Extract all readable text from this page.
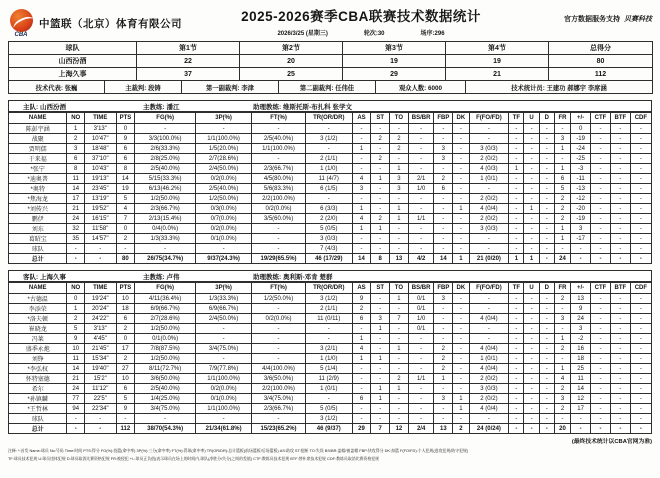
CBA
中篮联（北京）体育有限公司	2025-2026赛季CBA联赛技术数据统计
2026/3/25 (星期三)	轮次:30	场序:296
官方数据服务支持 贝赛科技
球队	第1节	第2节	第3节	第4节	总得分
山西汾酒	22	20	19	19	80
上海久事	37	25	29	21	112
技术代表: 张巍	主裁判: 段铸	第一副裁判: 李津	第二副裁判: 任伟佳	观众人数: 6000	技术统计员: 王建功 郝娜宇 李席涵
主队: 山西汾酒	主教练: 潘江	助理教练: 维斯托斯-布扎科 张学文
NAME	NO	TIME	PTS	FG(%)	3P(%)	FT(%)	TR(OR/DR)	AS	ST	TO	BS/BR	FBP	DK	F(FO/FD)	TF	U	D	FR	+/-	CTF	BTF	CDF
陈彭宇涵	1	3'13"	0	-	-	-	-	-	-	-	-	-	-	-	-	-	-	-	0	-	-	-
战聚	2	10'47"	9	3/3(100.0%)	1/1(100.0%)	2/5(40.0%)	3 (1/2)	-	2	2	-	-	-	-	-	-	-	3	-19	-	-	-
贾明儒	3	18'48"	6	2/6(33.3%)	1/5(20.0%)	1/1(100.0%)	-	1	-	2	-	3	-	3 (0/3)	-	-	-	1	-24	-	-	-
于来福	6	37'10"	6	2/8(25.0%)	2/7(28.6%)	-	2 (1/1)	-	2	-	-	3	-	2 (0/2)	-	-	-	-	-25	-	-	-
*张宁	8	10'43"	8	2/5(40.0%)	2/4(50.0%)	2/3(66.7%)	1 (1/0)	-	-	1	-	-	-	4 (0/3)	1	-	-	1	-3	-	-	-
*迪奥普	11	19'13"	14	5/15(33.3%)	0/2(0.0%)	4/5(80.0%)	11 (4/7)	4	1	3	2/1	2	-	1 (0/1)	-	-	-	6	-11	-	-	-
*奥特	14	23'45"	19	6/13(46.2%)	2/5(40.0%)	5/6(83.3%)	6 (1/5)	3	-	3	1/0	6	-	-	-	-	-	5	-13	-	-	-
*焦海龙	17	13'19"	5	1/2(50.0%)	1/2(50.0%)	2/2(100.0%)	-	-	-	-	-	-	-	2 (0/2)	-	-	-	2	-12	-	-	-
*刘传兴	21	19'52"	4	2/3(66.7%)	0/3(0.0%)	0/2(0.0%)	6 (3/3)	1	-	1	-	-	1	4 (0/4)	-	1	-	2	-20	-	-	-
鹏伊	24	16'15"	7	2/13(15.4%)	0/7(0.0%)	3/5(60.0%)	2 (2/0)	4	2	1	1/1	-	-	2 (0/2)	-	-	-	2	-19	-	-	-
刘东	32	11'58"	0	0/4(0.0%)	0/2(0.0%)	-	5 (0/5)	1	1	-	-	-	-	3 (0/3)	-	-	-	1	3	-	-	-
葛昭宝	35	14'57"	2	1/3(33.3%)	0/1(0.0%)	-	3 (0/3)	-	-	-	-	-	-	-	-	-	-	1	-17	-	-	-
球队	-	-	-	-	-	-	7 (4/3)	-	-	-	-	-	-	-	-	-	-	-	-	-	-	-
总计	-	-	80	26/75(34.7%)	9/37(24.3%)	19/29(65.5%)	46 (17/29)	14	8	13	4/2	14	1	21 (0/20)	1	1	-	24	-	-	-	-
客队: 上海久事	主教练: 卢伟	助理教练: 奥利斯-邓肯 楚群
NAME	NO	TIME	PTS	FG(%)	3P(%)	FT(%)	TR(OR/DR)	AS	ST	TO	BS/BR	FBP	DK	F(FO/FD)	TF	U	D	FR	+/-	CTF	BTF	CDF
*古德温	0	19'24"	10	4/11(36.4%)	1/3(33.3%)	1/2(50.0%)	3 (1/2)	9	-	1	0/1	3	-	-	-	-	-	2	13	-	-	-
李添荣	1	20'24"	18	6/9(66.7%)	6/9(66.7%)	-	2 (1/1)	2	-	-	0/1	-	-	-	-	-	-	-	9	-	-	-
*洛夫顿	2	24'22"	6	2/7(28.6%)	2/4(50.0%)	0/2(0.0%)	11 (0/11)	6	3	7	1/0	-	-	4 (0/4)	-	-	-	3	24	-	-	-
崔晓龙	5	3'13"	2	1/2(50.0%)	-	-	-	-	1	-	0/1	-	-	-	-	-	-	-	3	-	-	-
冯莱	9	4'45"	0	0/1(0.0%)	-	-	-	1	-	-	-	-	-	-	-	-	-	1	-2	-	-	-
盛季永炮	10	21'45"	17	7/8(87.5%)	3/4(75.0%)	-	3 (2/1)	4	-	1	-	2	-	4 (0/4)	-	-	-	2	16	-	-	-
刘铮	11	15'34"	2	1/2(50.0%)	-	-	1 (1/0)	1	1	-	-	2	-	1 (0/1)	-	-	-	-	18	-	-	-
*李弘权	14	19'40"	27	8/11(72.7%)	7/9(77.8%)	4/4(100.0%)	5 (1/4)	-	-	-	-	2	-	4 (0/4)	-	-	-	1	25	-	-	-
怀特塞德	21	15'2"	10	3/6(50.0%)	1/1(100.0%)	3/6(50.0%)	11 (2/9)	-	-	2	1/1	1	-	2 (0/2)	-	-	-	4	11	-	-	-
希尔	24	11'12"	6	2/5(40.0%)	0/2(0.0%)	2/2(100.0%)	1 (0/1)	-	1	1	-	-	-	3 (0/3)	-	-	-	2	14	-	-	-
*孙镇麟	77	22'5"	5	1/4(25.0%)	0/1(0.0%)	3/4(75.0%)	-	6	1	-	-	3	1	2 (0/2)	-	-	-	3	12	-	-	-
*王哲林	94	22'34"	9	3/4(75.0%)	1/1(100.0%)	2/3(66.7%)	5 (0/5)	-	-	-	-	-	1	4 (0/4)	-	-	-	2	17	-	-	-
球队	-	-	-	-	-	-	3 (1/2)	-	-	-	-	-	-	-	-	-	-	-	-	-	-	-
总计	-	-	112	38/70(54.3%)	21/34(61.8%)	15/23(65.2%)	46 (9/37)	29	7	12	2/4	13	2	24 (0/24)	-	-	-	20	-	-	-	-
(最终技术统计以CBA官网为准)
注释: *:首发 Name:球员 No:号码 Time:时间 PTS:得分 FG(%):投篮(命中率) 3P(%):三分(命中率) FT(%):罚球(命中率) TR(OR/DR):总计篮板(前场篮板/后场篮板) AS:助攻 ST:抢断 TO:失误 BS/BR:盖帽/被盖帽 FBP:快攻得分 DK:扣篮 F(FO/FD):个人犯规(进攻犯规/防守犯规)
TF:球员技术犯规 U:球员违体犯规 D:球员取消比赛资格犯规 FR:被侵犯 +/-:球员正负值(表示球员在场上的时间内,球队(净胜分/失分)之间的差值) CTF:教练员技术犯规 BTF:替补席技术犯规 CDF:教练员取消比赛资格犯规
